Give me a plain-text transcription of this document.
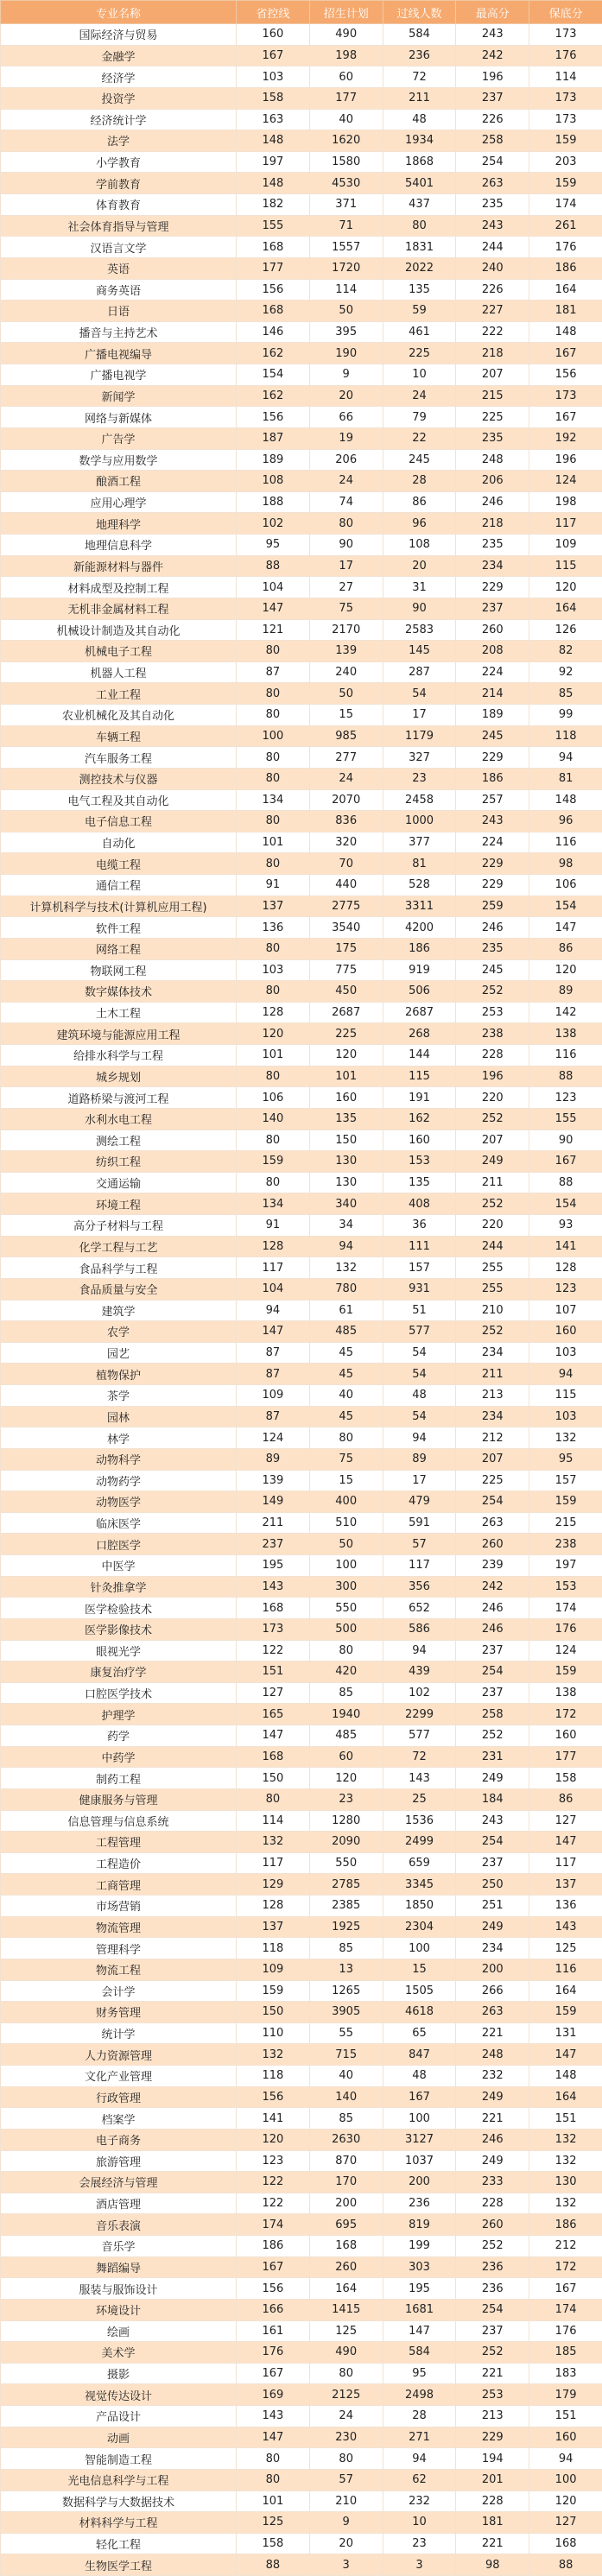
专业名称	省控线	招生计划	过线人数	最高分	保底分
国际经济与贸易	160	490	584	243	173
金融学	167	198	236	242	176
经济学	103	60	72	196	114
投资学	158	177	211	237	173
经济统计学	163	40	48	226	173
法学	148	1620	1934	258	159
小学教育	197	1580	1868	254	203
学前教育	148	4530	5401	263	159
体育教育	182	371	437	235	174
社会体育指导与管理	155	71	80	243	261
汉语言文学	168	1557	1831	244	176
英语	177	1720	2022	240	186
商务英语	156	114	135	226	164
日语	168	50	59	227	181
播音与主持艺术	146	395	461	222	148
广播电视编导	162	190	225	218	167
广播电视学	154	9	10	207	156
新闻学	162	20	24	215	173
网络与新媒体	156	66	79	225	167
广告学	187	19	22	235	192
数学与应用数学	189	206	245	248	196
酿酒工程	108	24	28	206	124
应用心理学	188	74	86	246	198
地理科学	102	80	96	218	117
地理信息科学	95	90	108	235	109
新能源材料与器件	88	17	20	234	115
材料成型及控制工程	104	27	31	229	120
无机非金属材料工程	147	75	90	237	164
机械设计制造及其自动化	121	2170	2583	260	126
机械电子工程	80	139	145	208	82
机器人工程	87	240	287	224	92
工业工程	80	50	54	214	85
农业机械化及其自动化	80	15	17	189	99
车辆工程	100	985	1179	245	118
汽车服务工程	80	277	327	229	94
测控技术与仪器	80	24	23	186	81
电气工程及其自动化	134	2070	2458	257	148
电子信息工程	80	836	1000	243	96
自动化	101	320	377	224	116
电缆工程	80	70	81	229	98
通信工程	91	440	528	229	106
计算机科学与技术(计算机应用工程)	137	2775	3311	259	154
软件工程	136	3540	4200	246	147
网络工程	80	175	186	235	86
物联网工程	103	775	919	245	120
数字媒体技术	80	450	506	252	89
土木工程	128	2687	2687	253	142
建筑环境与能源应用工程	120	225	268	238	138
给排水科学与工程	101	120	144	228	116
城乡规划	80	101	115	196	88
道路桥梁与渡河工程	106	160	191	220	123
水利水电工程	140	135	162	252	155
测绘工程	80	150	160	207	90
纺织工程	159	130	153	249	167
交通运输	80	130	135	211	88
环境工程	134	340	408	252	154
高分子材料与工程	91	34	36	220	93
化学工程与工艺	128	94	111	244	141
食品科学与工程	117	132	157	255	128
食品质量与安全	104	780	931	255	123
建筑学	94	61	51	210	107
农学	147	485	577	252	160
园艺	87	45	54	234	103
植物保护	87	45	54	211	94
茶学	109	40	48	213	115
园林	87	45	54	234	103
林学	124	80	94	212	132
动物科学	89	75	89	207	95
动物药学	139	15	17	225	157
动物医学	149	400	479	254	159
临床医学	211	510	591	263	215
口腔医学	237	50	57	260	238
中医学	195	100	117	239	197
针灸推拿学	143	300	356	242	153
医学检验技术	168	550	652	246	174
医学影像技术	173	500	586	246	176
眼视光学	122	80	94	237	124
康复治疗学	151	420	439	254	159
口腔医学技术	127	85	102	237	138
护理学	165	1940	2299	258	172
药学	147	485	577	252	160
中药学	168	60	72	231	177
制药工程	150	120	143	249	158
健康服务与管理	80	23	25	184	86
信息管理与信息系统	114	1280	1536	243	127
工程管理	132	2090	2499	254	147
工程造价	117	550	659	237	117
工商管理	129	2785	3345	250	137
市场营销	128	2385	1850	251	136
物流管理	137	1925	2304	249	143
管理科学	118	85	100	234	125
物流工程	109	13	15	200	116
会计学	159	1265	1505	266	164
财务管理	150	3905	4618	263	159
统计学	110	55	65	221	131
人力资源管理	132	715	847	248	147
文化产业管理	118	40	48	232	148
行政管理	156	140	167	249	164
档案学	141	85	100	221	151
电子商务	120	2630	3127	246	132
旅游管理	123	870	1037	249	132
会展经济与管理	122	170	200	233	130
酒店管理	122	200	236	228	132
音乐表演	174	695	819	260	186
音乐学	186	168	199	252	212
舞蹈编导	167	260	303	236	172
服装与服饰设计	156	164	195	236	167
环境设计	166	1415	1681	254	174
绘画	161	125	147	237	176
美术学	176	490	584	252	185
摄影	167	80	95	221	183
视觉传达设计	169	2125	2498	253	179
产品设计	143	24	28	213	151
动画	147	230	271	229	160
智能制造工程	80	80	94	194	94
光电信息科学与工程	80	57	62	201	100
数据科学与大数据技术	101	210	232	228	120
材料科学与工程	125	9	10	181	127
轻化工程	158	20	23	221	168
生物医学工程	88	3	3	98	88
